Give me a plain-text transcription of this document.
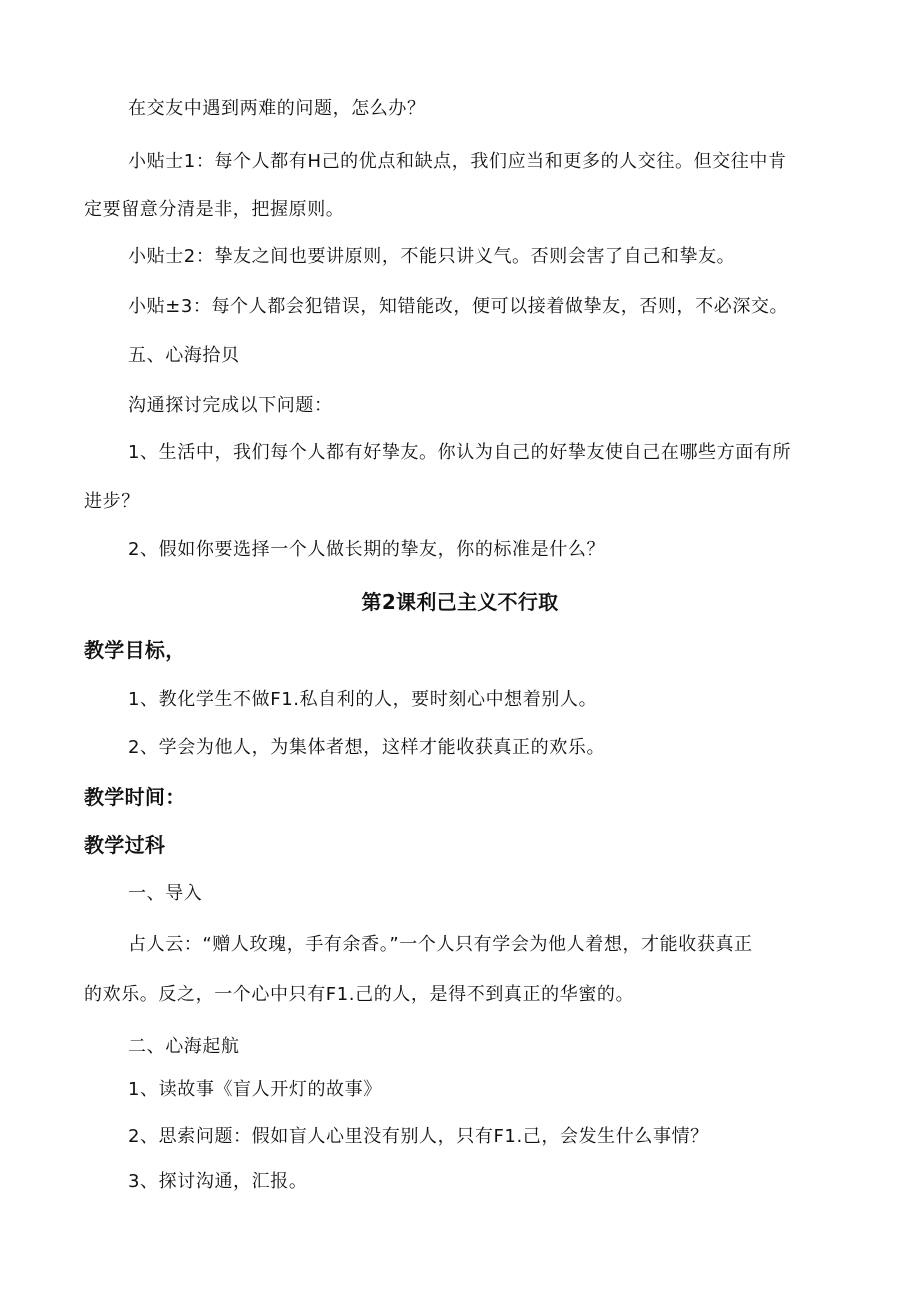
在交友中遇到两难的问题，怎么办？
小贴士1：每个人都有H己的优点和缺点，我们应当和更多的人交往。但交往中肯
定要留意分清是非，把握原则。
小贴士2：挚友之间也要讲原则，不能只讲义气。否则会害了自己和挚友。
小贴±3：每个人都会犯错误，知错能改，便可以接着做挚友，否则，不必深交。
五、心海拾贝
沟通探讨完成以下问题：
1、生活中，我们每个人都有好挚友。你认为自己的好挚友使自己在哪些方面有所
进步？
2、假如你要选择一个人做长期的挚友，你的标准是什么？
第2课利己主义不行取
教学目标，
1、教化学生不做F1.私自利的人，要时刻心中想着别人。
2、学会为他人，为集体者想，这样才能收获真正的欢乐。
教学时间：
教学过科
一、导入
占人云：“赠人玫瑰，手有余香。”一个人只有学会为他人着想，才能收获真正
的欢乐。反之，一个心中只有F1.己的人，是得不到真正的华蜜的。
二、心海起航
1、读故事《盲人开灯的故事》
2、思索问题：假如盲人心里没有别人，只有F1.己，会发生什么事情？
3、探讨沟通，汇报。
